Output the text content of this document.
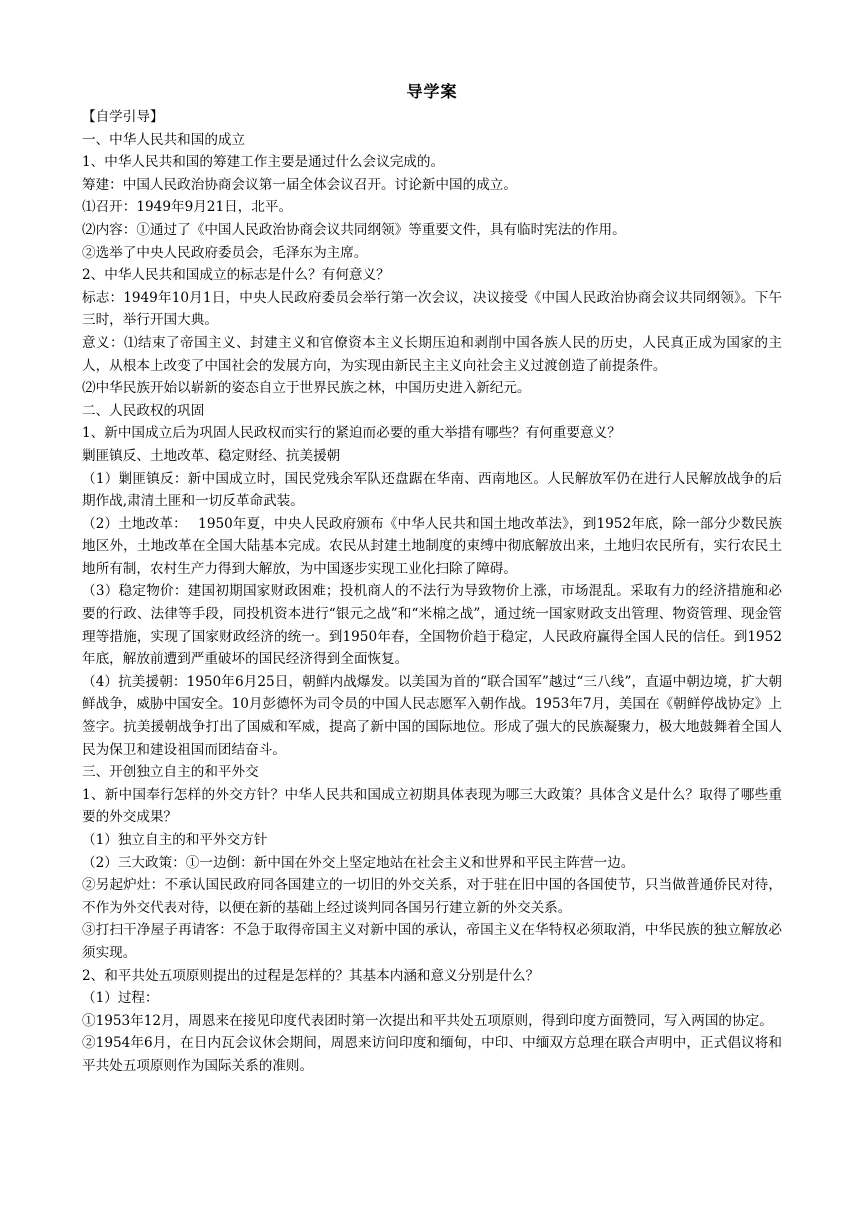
导学案

【自学引导】

一、中华人民共和国的成立

1、中华人民共和国的筹建工作主要是通过什么会议完成的。

筹建：中国人民政治协商会议第一届全体会议召开。讨论新中国的成立。

⑴召开：1949年9月21日，北平。

⑵内容：①通过了《中国人民政治协商会议共同纲领》等重要文件，具有临时宪法的作用。

②选举了中央人民政府委员会，毛泽东为主席。

2、中华人民共和国成立的标志是什么？有何意义？

标志：1949年10月1日，中央人民政府委员会举行第一次会议，决议接受《中国人民政治协商会议共同纲领》。下午三时，举行开国大典。

意义：⑴结束了帝国主义、封建主义和官僚资本主义长期压迫和剥削中国各族人民的历史，人民真正成为国家的主人，从根本上改变了中国社会的发展方向，为实现由新民主主义向社会主义过渡创造了前提条件。

⑵中华民族开始以崭新的姿态自立于世界民族之林，中国历史进入新纪元。

二、人民政权的巩固

1、新中国成立后为巩固人民政权而实行的紧迫而必要的重大举措有哪些？有何重要意义？

剿匪镇反、土地改革、稳定财经、抗美援朝

（1）剿匪镇反：新中国成立时，国民党残余军队还盘踞在华南、西南地区。人民解放军仍在进行人民解放战争的后期作战,肃清土匪和一切反革命武装。

（2）土地改革：　 1950年夏，中央人民政府颁布《中华人民共和国土地改革法》，到1952年底，除一部分少数民族地区外，土地改革在全国大陆基本完成。农民从封建土地制度的束缚中彻底解放出来，土地归农民所有，实行农民土地所有制，农村生产力得到大解放，为中国逐步实现工业化扫除了障碍。

（3）稳定物价：建国初期国家财政困难；投机商人的不法行为导致物价上涨，市场混乱。采取有力的经济措施和必要的行政、法律等手段，同投机资本进行“银元之战”和“米棉之战”，通过统一国家财政支出管理、物资管理、现金管理等措施，实现了国家财政经济的统一。到1950年春，全国物价趋于稳定，人民政府赢得全国人民的信任。到1952年底，解放前遭到严重破坏的国民经济得到全面恢复。

（4）抗美援朝：1950年6月25日，朝鲜内战爆发。以美国为首的“联合国军”越过“三八线”，直逼中朝边境，扩大朝鲜战争，威胁中国安全。10月彭德怀为司令员的中国人民志愿军入朝作战。1953年7月，美国在《朝鲜停战协定》上签字。抗美援朝战争打出了国威和军威，提高了新中国的国际地位。形成了强大的民族凝聚力，极大地鼓舞着全国人民为保卫和建设祖国而团结奋斗。

三、开创独立自主的和平外交

1、新中国奉行怎样的外交方针？中华人民共和国成立初期具体表现为哪三大政策？具体含义是什么？取得了哪些重要的外交成果？

（1）独立自主的和平外交方针

（2）三大政策：①一边倒：新中国在外交上坚定地站在社会主义和世界和平民主阵营一边。

②另起炉灶：不承认国民政府同各国建立的一切旧的外交关系，对于驻在旧中国的各国使节，只当做普通侨民对待，不作为外交代表对待，以便在新的基础上经过谈判同各国另行建立新的外交关系。

③打扫干净屋子再请客：不急于取得帝国主义对新中国的承认，帝国主义在华特权必须取消，中华民族的独立解放必须实现。

2、和平共处五项原则提出的过程是怎样的？其基本内涵和意义分别是什么？

（1）过程：

①1953年12月，周恩来在接见印度代表团时第一次提出和平共处五项原则，得到印度方面赞同，写入两国的协定。

②1954年6月，在日内瓦会议休会期间，周恩来访问印度和缅甸，中印、中缅双方总理在联合声明中，正式倡议将和平共处五项原则作为国际关系的准则。
